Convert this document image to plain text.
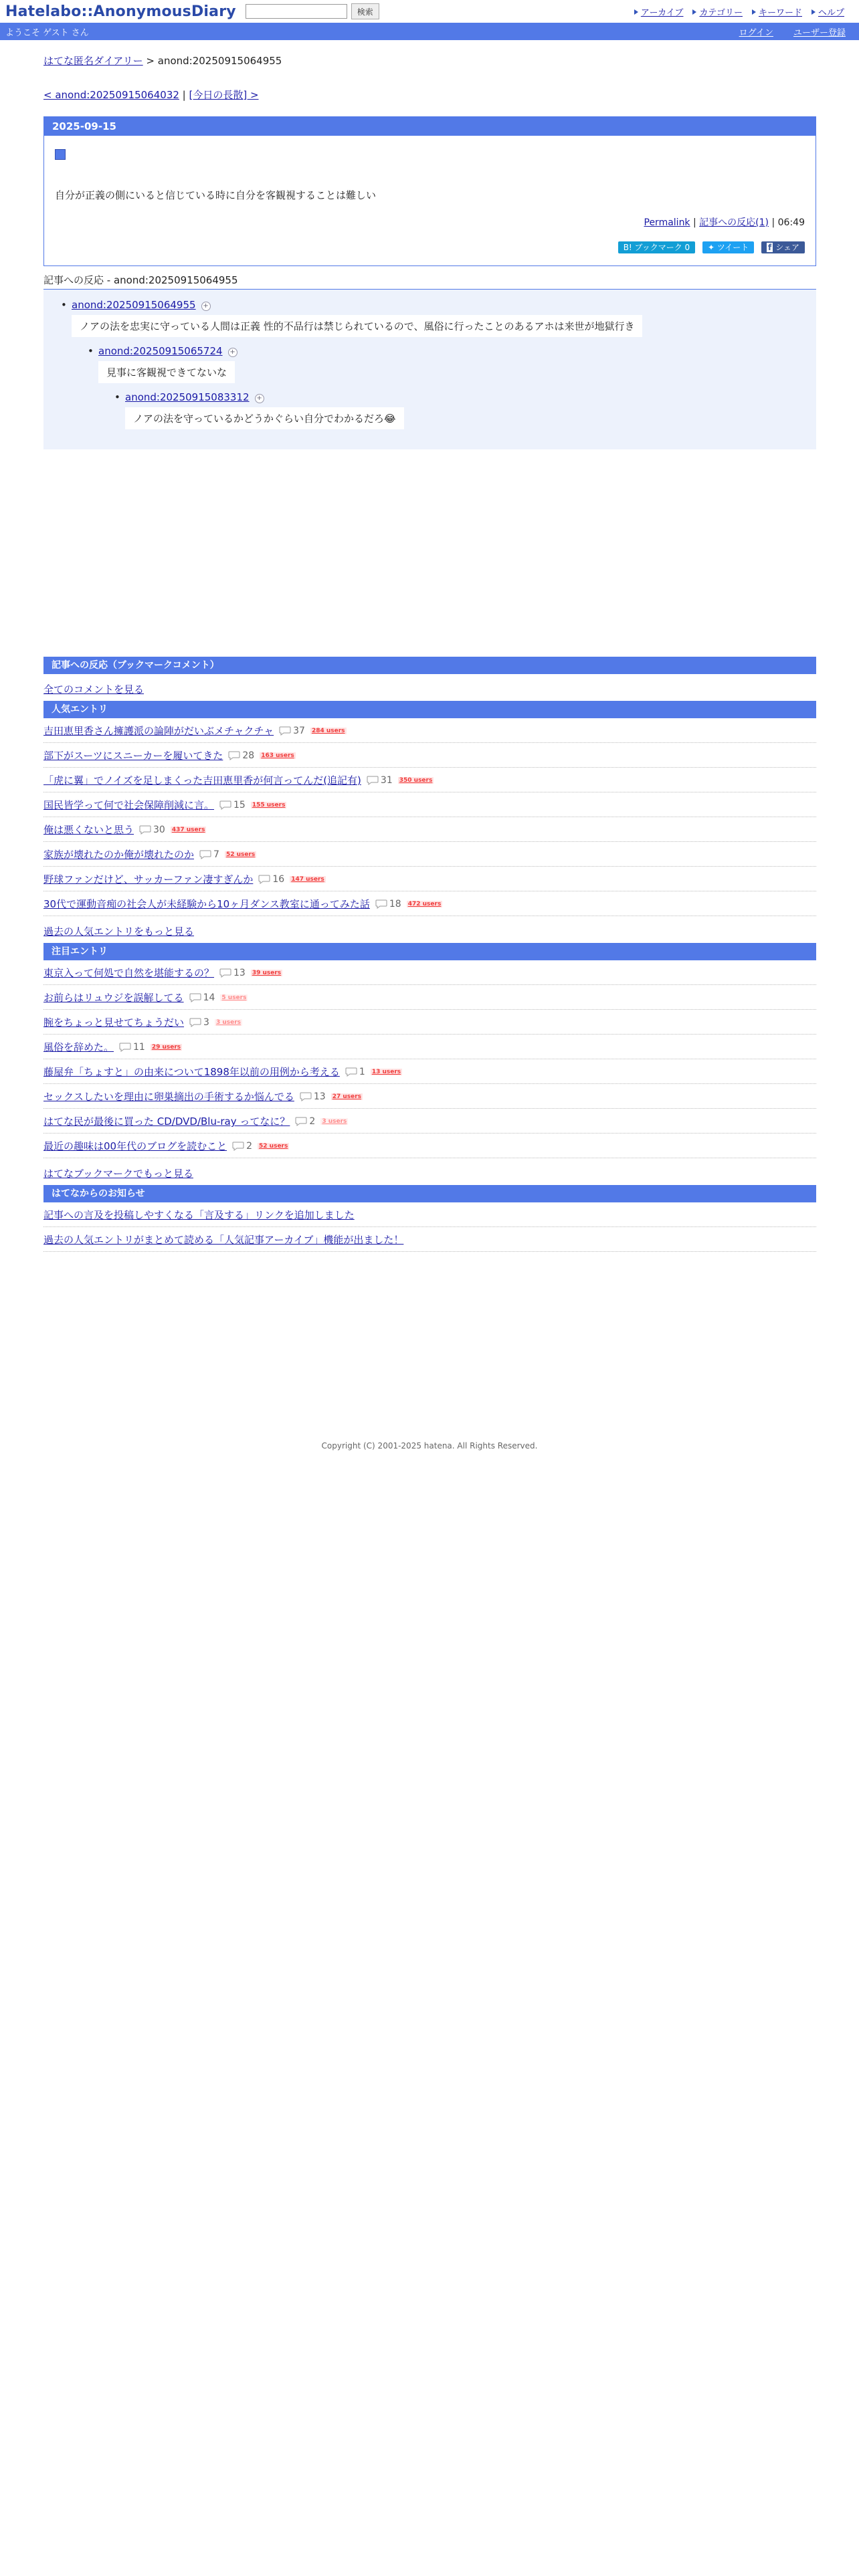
Hatelabo::AnonymousDiary	検索	アーカイブ	カテゴリー	キーワード	ヘルプ
ようこそ ゲスト さん	ログイン ユーザー登録
はてな匿名ダイアリー > anond:20250915064955
< anond:20250915064032 | [今日の長散] >
2025-09-15
自分が正義の側にいると信じている時に自分を客観視することは難しい
Permalink | 記事への反応(1) | 06:49
B! ブックマーク 0 ✦ ツイート f シェア
記事への反応 - anond:20250915064955
• anond:20250915064955 +
ノアの法を忠実に守っている人間は正義 性的不品行は禁じられているので、風俗に行ったことのあるアホは来世が地獄行き
• anond:20250915065724 +
見事に客観視できてないな
• anond:20250915083312 +
ノアの法を守っているかどうかぐらい自分でわかるだろ😂
記事への反応（ブックマークコメント）
全てのコメントを見る
人気エントリ
吉田恵里香さん擁護派の論陣がだいぶメチャクチャ 37 284 users
部下がスーツにスニーカーを履いてきた 28 163 users
「虎に翼」でノイズを足しまくった吉田恵里香が何言ってんだ(追記有) 31 350 users
国民皆学って何で社会保障削減に言。 15 155 users
俺は悪くないと思う 30 437 users
家族が壊れたのか俺が壊れたのか 7 52 users
野球ファンだけど、サッカーファン凄すぎんか 16 147 users
30代で運動音痴の社会人が未経験から10ヶ月ダンス教室に通ってみた話 18 472 users
過去の人気エントリをもっと見る
注目エントリ
東京入って何処で自然を堪能するの？ 13 39 users
お前らはリュウジを誤解してる 14 5 users
腕をちょっと見せてちょうだい 3 3 users
風俗を辞めた。 11 29 users
藤屋弁「ちょすと」の由来について1898年以前の用例から考える 1 13 users
セックスしたいを理由に卵巣摘出の手術するか悩んでる 13 27 users
はてな民が最後に買った CD/DVD/Blu-ray ってなに？ 2 3 users
最近の趣味は00年代のブログを読むこと 2 52 users
はてなブックマークでもっと見る
はてなからのお知らせ
記事への言及を投稿しやすくなる「言及する」リンクを追加しました
過去の人気エントリがまとめて読める「人気記事アーカイブ」機能が出ました！
Copyright (C) 2001-2025 hatena. All Rights Reserved.
